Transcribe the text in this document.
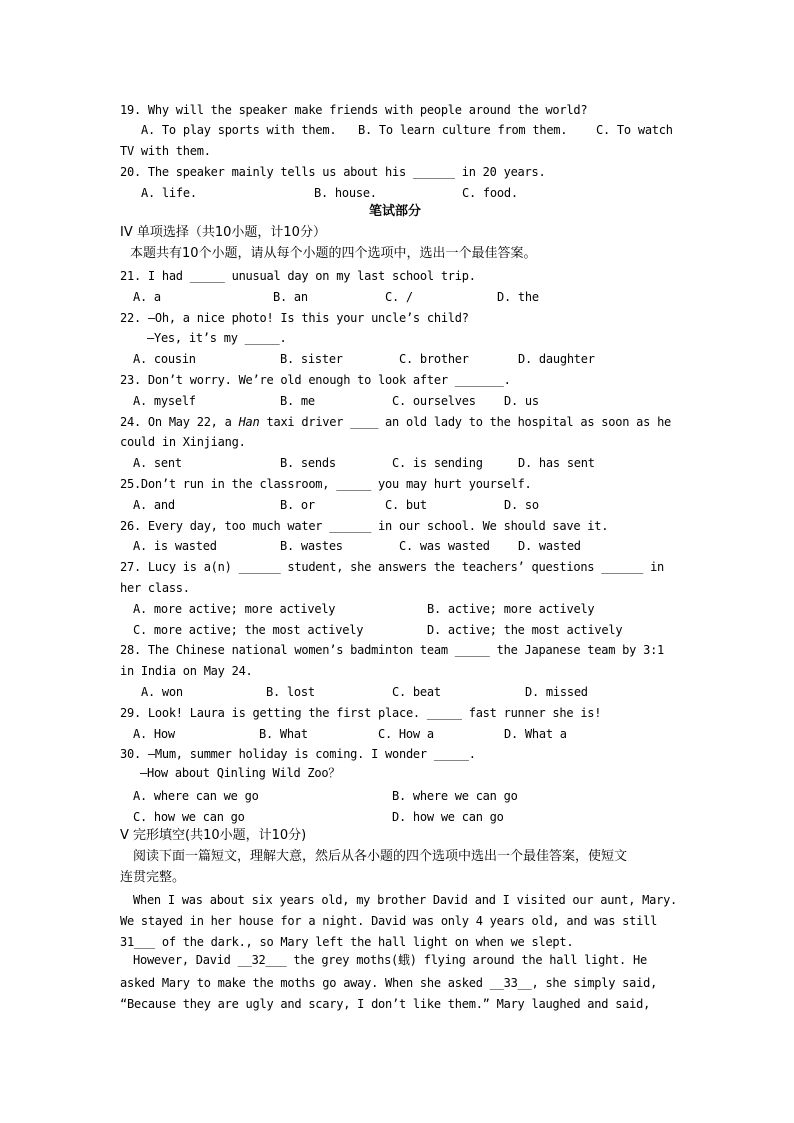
19. Why will the speaker make friends with people around the world?
A. To play sports with them. B. To learn culture from them. C. To watch
TV with them.
20. The speaker mainly tells us about his ______ in 20 years.
A. life.	B. house.	C. food.
笔试部分
IV 单项选择（共10小题，计10分）
本题共有10个小题，请从每个小题的四个选项中，选出一个最佳答案。
21. I had _____ unusual day on my last school trip.
A. a	B. an	C. /	D. the
22. —Oh, a nice photo! Is this your uncle’s child?
—Yes, it’s my _____.
A. cousin	B. sister	C. brother	D. daughter
23. Don’t worry. We’re old enough to look after _______.
A. myself	B. me	C. ourselves D. us
24. On May 22, a Han taxi driver ____ an old lady to the hospital as soon as he
could in Xinjiang.
A. sent	B. sends	C. is sending	D. has sent
25.Don’t run in the classroom, _____ you may hurt yourself.
A. and	B. or	C. but	D. so
26. Every day, too much water ______ in our school. We should save it.
A. is wasted	B. wastes	C. was wasted D. wasted
27. Lucy is a(n) ______ student, she answers the teachers’ questions ______ in
her class.
A. more active; more actively	B. active; more actively
C. more active; the most actively	D. active; the most actively
28. The Chinese national women’s badminton team _____ the Japanese team by 3:1
in India on May 24.
A. won	B. lost	C. beat	D. missed
29. Look! Laura is getting the first place. _____ fast runner she is!
A. How	B. What	C. How a	D. What a
30. —Mum, summer holiday is coming. I wonder _____.
—How about Qinling Wild Zoo？
A. where can we go	B. where we can go
C. how we can go	D. how we can go
V 完形填空(共10小题，计10分)
阅读下面一篇短文，理解大意，然后从各小题的四个选项中选出一个最佳答案，使短文
连贯完整。
When I was about six years old, my brother David and I visited our aunt, Mary.
We stayed in her house for a night. David was only 4 years old, and was still
31___ of the dark., so Mary left the hall light on when we slept.
However, David __32___ the grey moths(蛾) flying around the hall light. He
asked Mary to make the moths go away. When she asked __33__, she simply said,
“Because they are ugly and scary, I don’t like them.” Mary laughed and said,
